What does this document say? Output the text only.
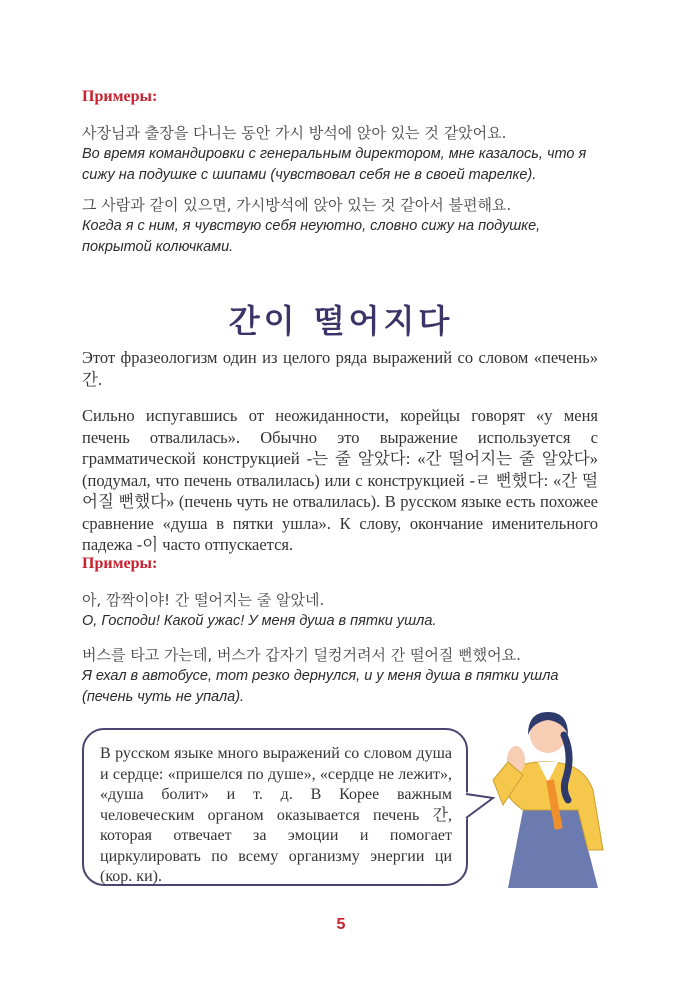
Примеры:
사장님과 출장을 다니는 동안 가시 방석에 앉아 있는 것 같았어요.
Во время командировки с генеральным директором, мне казалось, что я сижу на подушке с шипами (чувствовал себя не в своей тарелке).
그 사람과 같이 있으면, 가시방석에 앉아 있는 것 같아서 불편해요.
Когда я с ним, я чувствую себя неуютно, словно сижу на подушке, покрытой колючками.
간이 떨어지다
Этот фразеологизм один из целого ряда выражений со словом «печень» 간.
Сильно испугавшись от неожиданности, корейцы говорят «у меня печень отвалилась». Обычно это выражение используется с грамматической конструкцией -는 줄 알았다: «간 떨어지는 줄 알았다» (подумал, что печень отвалилась) или с конструкцией -ㄹ 뻔했다: «간 떨어질 뻔했다» (печень чуть не отвалилась). В русском языке есть похожее сравнение «душа в пятки ушла». К слову, окончание именительного падежа -이 часто отпускается.
Примеры:
아, 깜짝이야! 간 떨어지는 줄 알았네.
О, Господи! Какой ужас! У меня душа в пятки ушла.
버스를 타고 가는데, 버스가 갑자기 덜컹거려서 간 떨어질 뻔했어요.
Я ехал в автобусе, тот резко дернулся, и у меня душа в пятки ушла (печень чуть не упала).
В русском языке много выражений со словом душа и сердце: «пришелся по душе», «сердце не лежит», «душа болит» и т. д. В Корее важным человеческим органом оказывается печень 간, которая отвечает за эмоции и помогает циркулировать по всему организму энергии ци (кор. ки).
5
